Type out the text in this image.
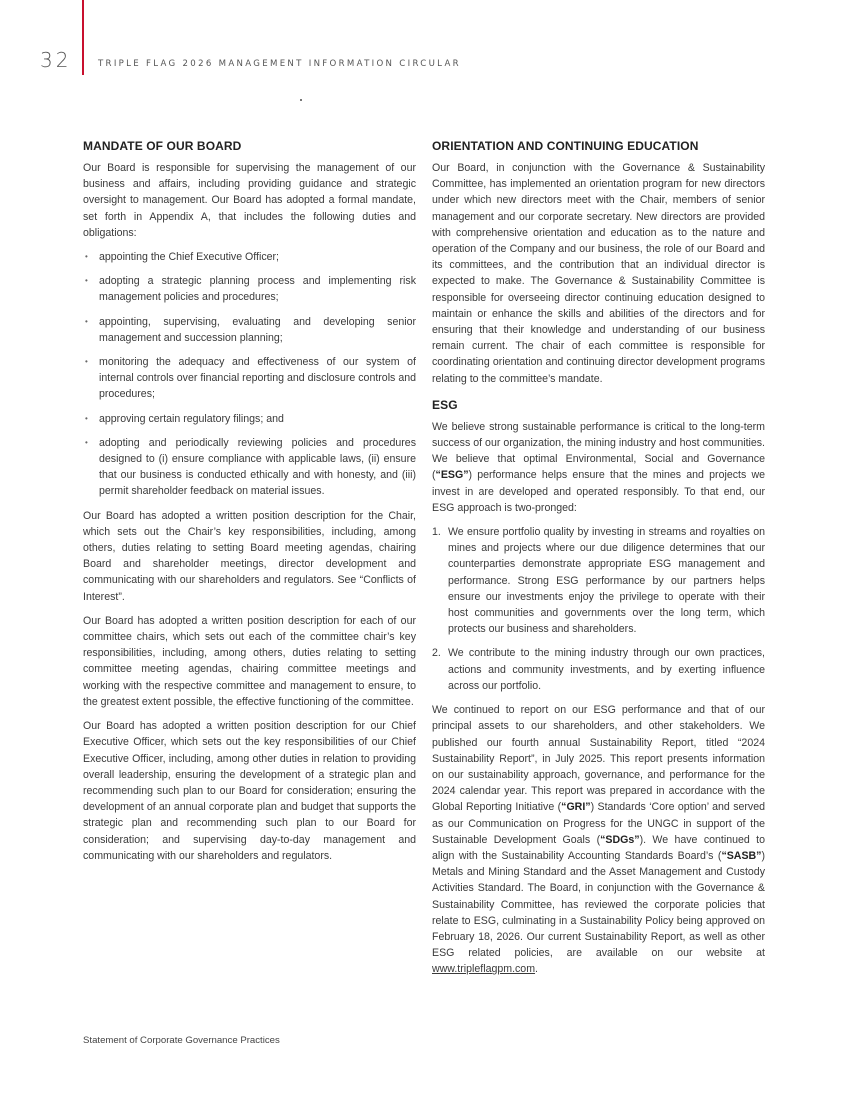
32	TRIPLE FLAG 2026 MANAGEMENT INFORMATION CIRCULAR
MANDATE OF OUR BOARD

Our Board is responsible for supervising the management of our business and affairs, including providing guidance and strategic oversight to management. Our Board has adopted a formal mandate, set forth in Appendix A, that includes the following duties and obligations:

• appointing the Chief Executive Officer;
• adopting a strategic planning process and implementing risk management policies and procedures;
• appointing, supervising, evaluating and developing senior management and succession planning;
• monitoring the adequacy and effectiveness of our system of internal controls over financial reporting and disclosure controls and procedures;
• approving certain regulatory filings; and
• adopting and periodically reviewing policies and procedures designed to (i) ensure compliance with applicable laws, (ii) ensure that our business is conducted ethically and with honesty, and (iii) permit shareholder feedback on material issues.

Our Board has adopted a written position description for the Chair, which sets out the Chair’s key responsibilities, including, among others, duties relating to setting Board meeting agendas, chairing Board and shareholder meetings, director development and communicating with our shareholders and regulators. See “Conflicts of Interest”.

Our Board has adopted a written position description for each of our committee chairs, which sets out each of the committee chair’s key responsibilities, including, among others, duties relating to setting committee meeting agendas, chairing committee meetings and working with the respective committee and management to ensure, to the greatest extent possible, the effective functioning of the committee.

Our Board has adopted a written position description for our Chief Executive Officer, which sets out the key responsibilities of our Chief Executive Officer, including, among other duties in relation to providing overall leadership, ensuring the development of a strategic plan and recommending such plan to our Board for consideration; ensuring the development of an annual corporate plan and budget that supports the strategic plan and recommending such plan to our Board for consideration; and supervising day-to-day management and communicating with our shareholders and regulators.

ORIENTATION AND CONTINUING EDUCATION

Our Board, in conjunction with the Governance & Sustainability Committee, has implemented an orientation program for new directors under which new directors meet with the Chair, members of senior management and our corporate secretary. New directors are provided with comprehensive orientation and education as to the nature and operation of the Company and our business, the role of our Board and its committees, and the contribution that an individual director is expected to make. The Governance & Sustainability Committee is responsible for overseeing director continuing education designed to maintain or enhance the skills and abilities of the directors and for ensuring that their knowledge and understanding of our business remain current. The chair of each committee is responsible for coordinating orientation and continuing director development programs relating to the committee’s mandate.

ESG

We believe strong sustainable performance is critical to the long-term success of our organization, the mining industry and host communities. We believe that optimal Environmental, Social and Governance (“ESG”) performance helps ensure that the mines and projects we invest in are developed and operated responsibly. To that end, our ESG approach is two-pronged:

1. We ensure portfolio quality by investing in streams and royalties on mines and projects where our due diligence determines that our counterparties demonstrate appropriate ESG management and performance. Strong ESG performance by our partners helps ensure our investments enjoy the privilege to operate with their host communities and governments over the long term, which protects our business and shareholders.
2. We contribute to the mining industry through our own practices, actions and community investments, and by exerting influence across our portfolio.

We continued to report on our ESG performance and that of our principal assets to our shareholders, and other stakeholders. We published our fourth annual Sustainability Report, titled “2024 Sustainability Report”, in July 2025. This report presents information on our sustainability approach, governance, and performance for the 2024 calendar year. This report was prepared in accordance with the Global Reporting Initiative (“GRI”) Standards ‘Core option’ and served as our Communication on Progress for the UNGC in support of the Sustainable Development Goals (“SDGs”). We have continued to align with the Sustainability Accounting Standards Board’s (“SASB”) Metals and Mining Standard and the Asset Management and Custody Activities Standard. The Board, in conjunction with the Governance & Sustainability Committee, has reviewed the corporate policies that relate to ESG, culminating in a Sustainability Policy being approved on February 18, 2026. Our current Sustainability Report, as well as other ESG related policies, are available on our website at www.tripleflagpm.com.

Statement of Corporate Governance Practices
